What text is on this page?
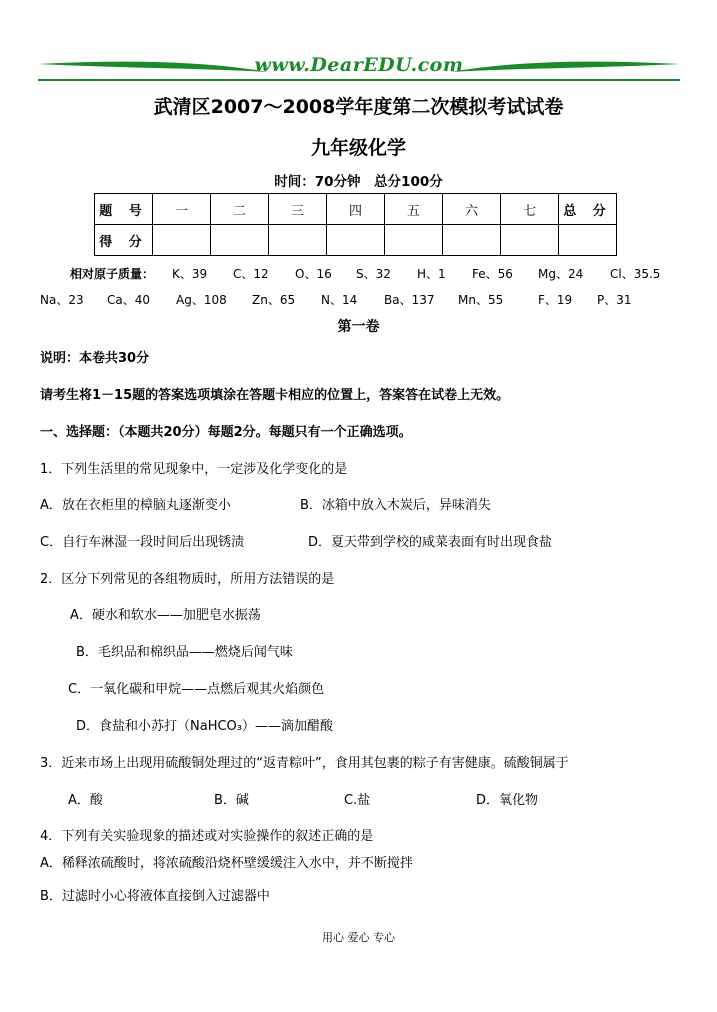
www.DearEDU.com
武清区2007～2008学年度第二次模拟考试试卷
九年级化学
时间：70分钟　总分100分
题 号	一	二	三	四	五	六	七	总 分
得 分								
相对原子质量： K、39 C、12 O、16 S、32 H、1 Fe、56 Mg、24 Cl、35.5
Na、23 Ca、40 Ag、108 Zn、65 N、14 Ba、137 Mn、55	F、19 P、31
第一卷
说明：本卷共30分
请考生将1－15题的答案选项填涂在答题卡相应的位置上，答案答在试卷上无效。
一、选择题：（本题共20分）每题2分。每题只有一个正确选项。
1．下列生活里的常见现象中，一定涉及化学变化的是
A．放在衣柜里的樟脑丸逐渐变小	B．冰箱中放入木炭后，异味消失
C．自行车淋湿一段时间后出现锈渍	D．夏天带到学校的咸菜表面有时出现食盐
2．区分下列常见的各组物质时，所用方法错误的是
A．硬水和软水——加肥皂水振荡
B．毛织品和棉织品——燃烧后闻气味
C．一氧化碳和甲烷——点燃后观其火焰颜色
D．食盐和小苏打（NaHCO₃）——滴加醋酸
3．近来市场上出现用硫酸铜处理过的“返青粽叶”，食用其包裹的粽子有害健康。硫酸铜属于
A．酸	B．碱	C.盐	D．氧化物
4．下列有关实验现象的描述或对实验操作的叙述正确的是
A．稀释浓硫酸时，将浓硫酸沿烧杯壁缓缓注入水中，并不断搅拌
B．过滤时小心将液体直接倒入过滤器中
用心 爱心 专心
